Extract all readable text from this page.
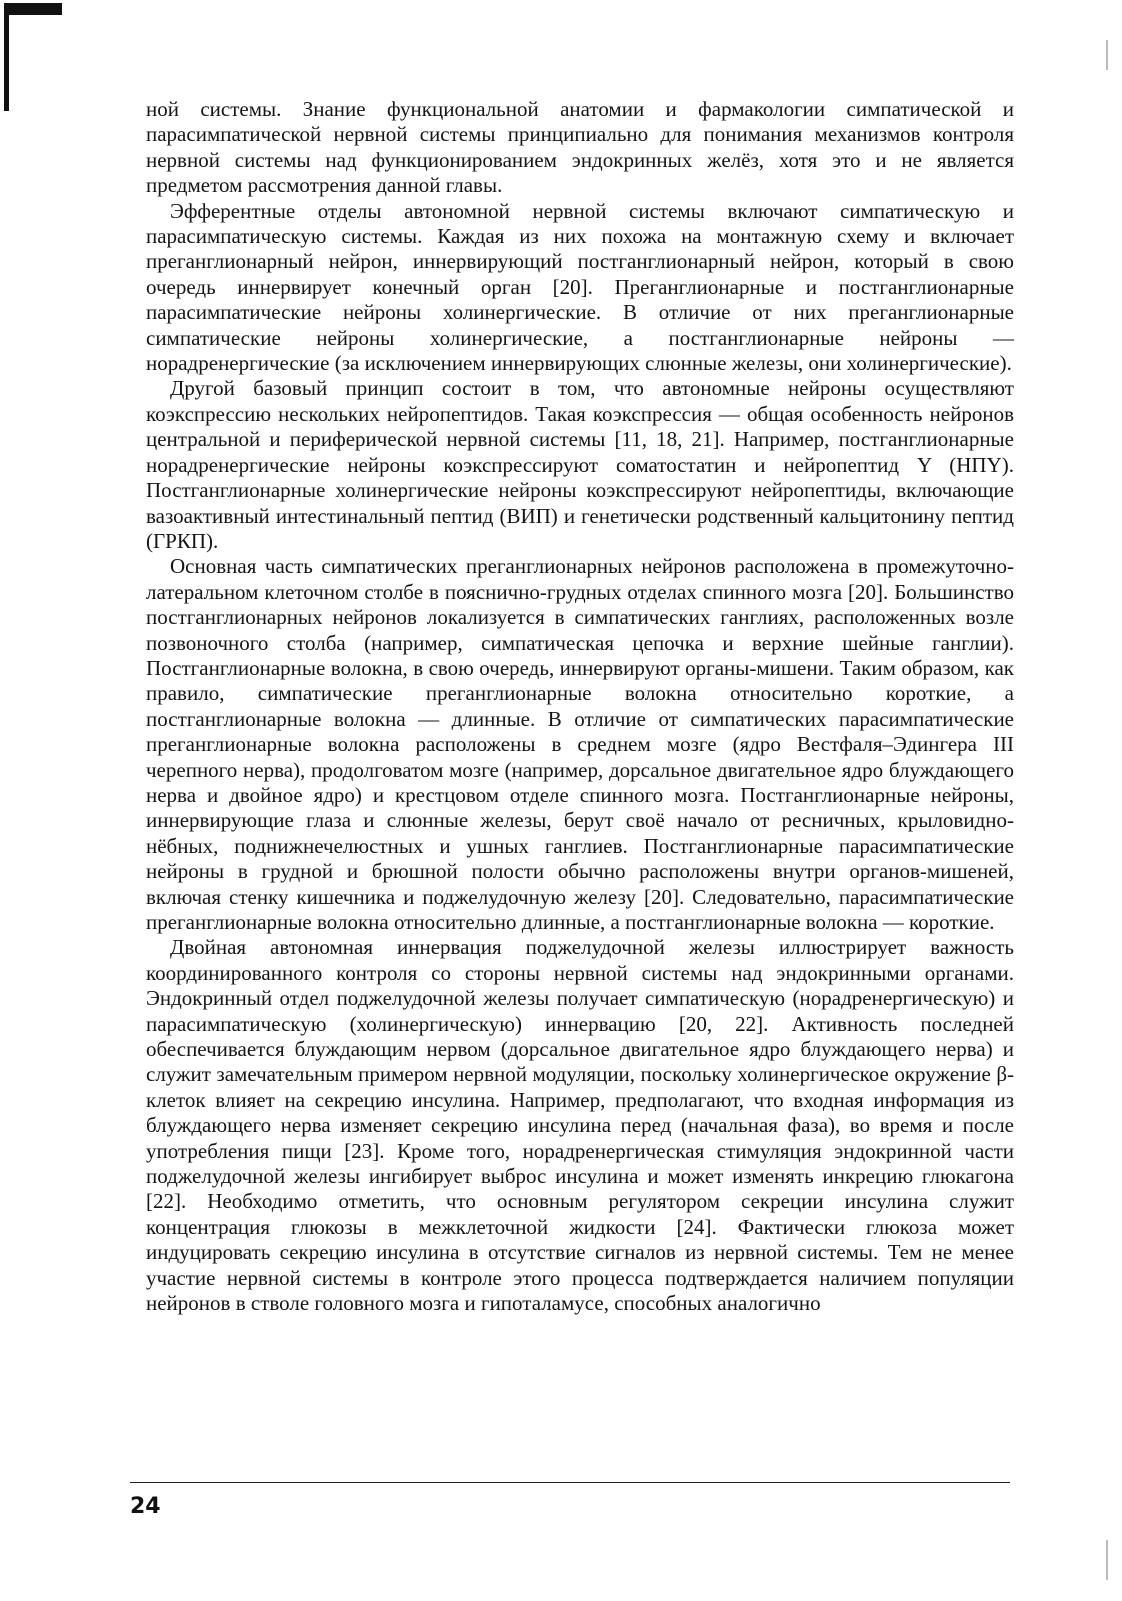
ной системы. Знание функциональной анатомии и фармакологии симпатической и парасимпатической нервной системы принципиально для понимания механизмов контроля нервной системы над функционированием эндокринных желёз, хотя это и не является предметом рассмотрения данной главы.

Эфферентные отделы автономной нервной системы включают симпатическую и парасимпатическую системы. Каждая из них похожа на монтажную схему и включает преганглионарный нейрон, иннервирующий постганглионарный нейрон, который в свою очередь иннервирует конечный орган [20]. Преганглионарные и постганглионарные парасимпатические нейроны холинергические. В отличие от них преганглионарные симпатические нейроны холинергические, а постганглионарные нейроны — норадренергические (за исключением иннервирующих слюнные железы, они холинергические).

Другой базовый принцип состоит в том, что автономные нейроны осуществляют коэкспрессию нескольких нейропептидов. Такая коэкспрессия — общая особенность нейронов центральной и периферической нервной системы [11, 18, 21]. Например, постганглионарные норадренергические нейроны коэкспрессируют соматостатин и нейропептид Y (НПY). Постганглионарные холинергические нейроны коэкспрессируют нейропептиды, включающие вазоактивный интестинальный пептид (ВИП) и генетически родственный кальцитонину пептид (ГРКП).

Основная часть симпатических преганглионарных нейронов расположена в промежуточно-латеральном клеточном столбе в пояснично-грудных отделах спинного мозга [20]. Большинство постганглионарных нейронов локализуется в симпатических ганглиях, расположенных возле позвоночного столба (например, симпатическая цепочка и верхние шейные ганглии). Постганглионарные волокна, в свою очередь, иннервируют органы-мишени. Таким образом, как правило, симпатические преганглионарные волокна относительно короткие, а постганглионарные волокна — длинные. В отличие от симпатических парасимпатические преганглионарные волокна расположены в среднем мозге (ядро Вестфаля–Эдингера III черепного нерва), продолговатом мозге (например, дорсальное двигательное ядро блуждающего нерва и двойное ядро) и крестцовом отделе спинного мозга. Постганглионарные нейроны, иннервирующие глаза и слюнные железы, берут своё начало от ресничных, крыловидно-нёбных, поднижнечелюстных и ушных ганглиев. Постганглионарные парасимпатические нейроны в грудной и брюшной полости обычно расположены внутри органов-мишеней, включая стенку кишечника и поджелудочную железу [20]. Следовательно, парасимпатические преганглионарные волокна относительно длинные, а постганглионарные волокна — короткие.

Двойная автономная иннервация поджелудочной железы иллюстрирует важность координированного контроля со стороны нервной системы над эндокринными органами. Эндокринный отдел поджелудочной железы получает симпатическую (норадренергическую) и парасимпатическую (холинергическую) иннервацию [20, 22]. Активность последней обеспечивается блуждающим нервом (дорсальное двигательное ядро блуждающего нерва) и служит замечательным примером нервной модуляции, поскольку холинергическое окружение β-клеток влияет на секрецию инсулина. Например, предполагают, что входная информация из блуждающего нерва изменяет секрецию инсулина перед (начальная фаза), во время и после употребления пищи [23]. Кроме того, норадренергическая стимуляция эндокринной части поджелудочной железы ингибирует выброс инсулина и может изменять инкрецию глюкагона [22]. Необходимо отметить, что основным регулятором секреции инсулина служит концентрация глюкозы в межклеточной жидкости [24]. Фактически глюкоза может индуцировать секрецию инсулина в отсутствие сигналов из нервной системы. Тем не менее участие нервной системы в контроле этого процесса подтверждается наличием популяции нейронов в стволе головного мозга и гипоталамусе, способных аналогично

24
